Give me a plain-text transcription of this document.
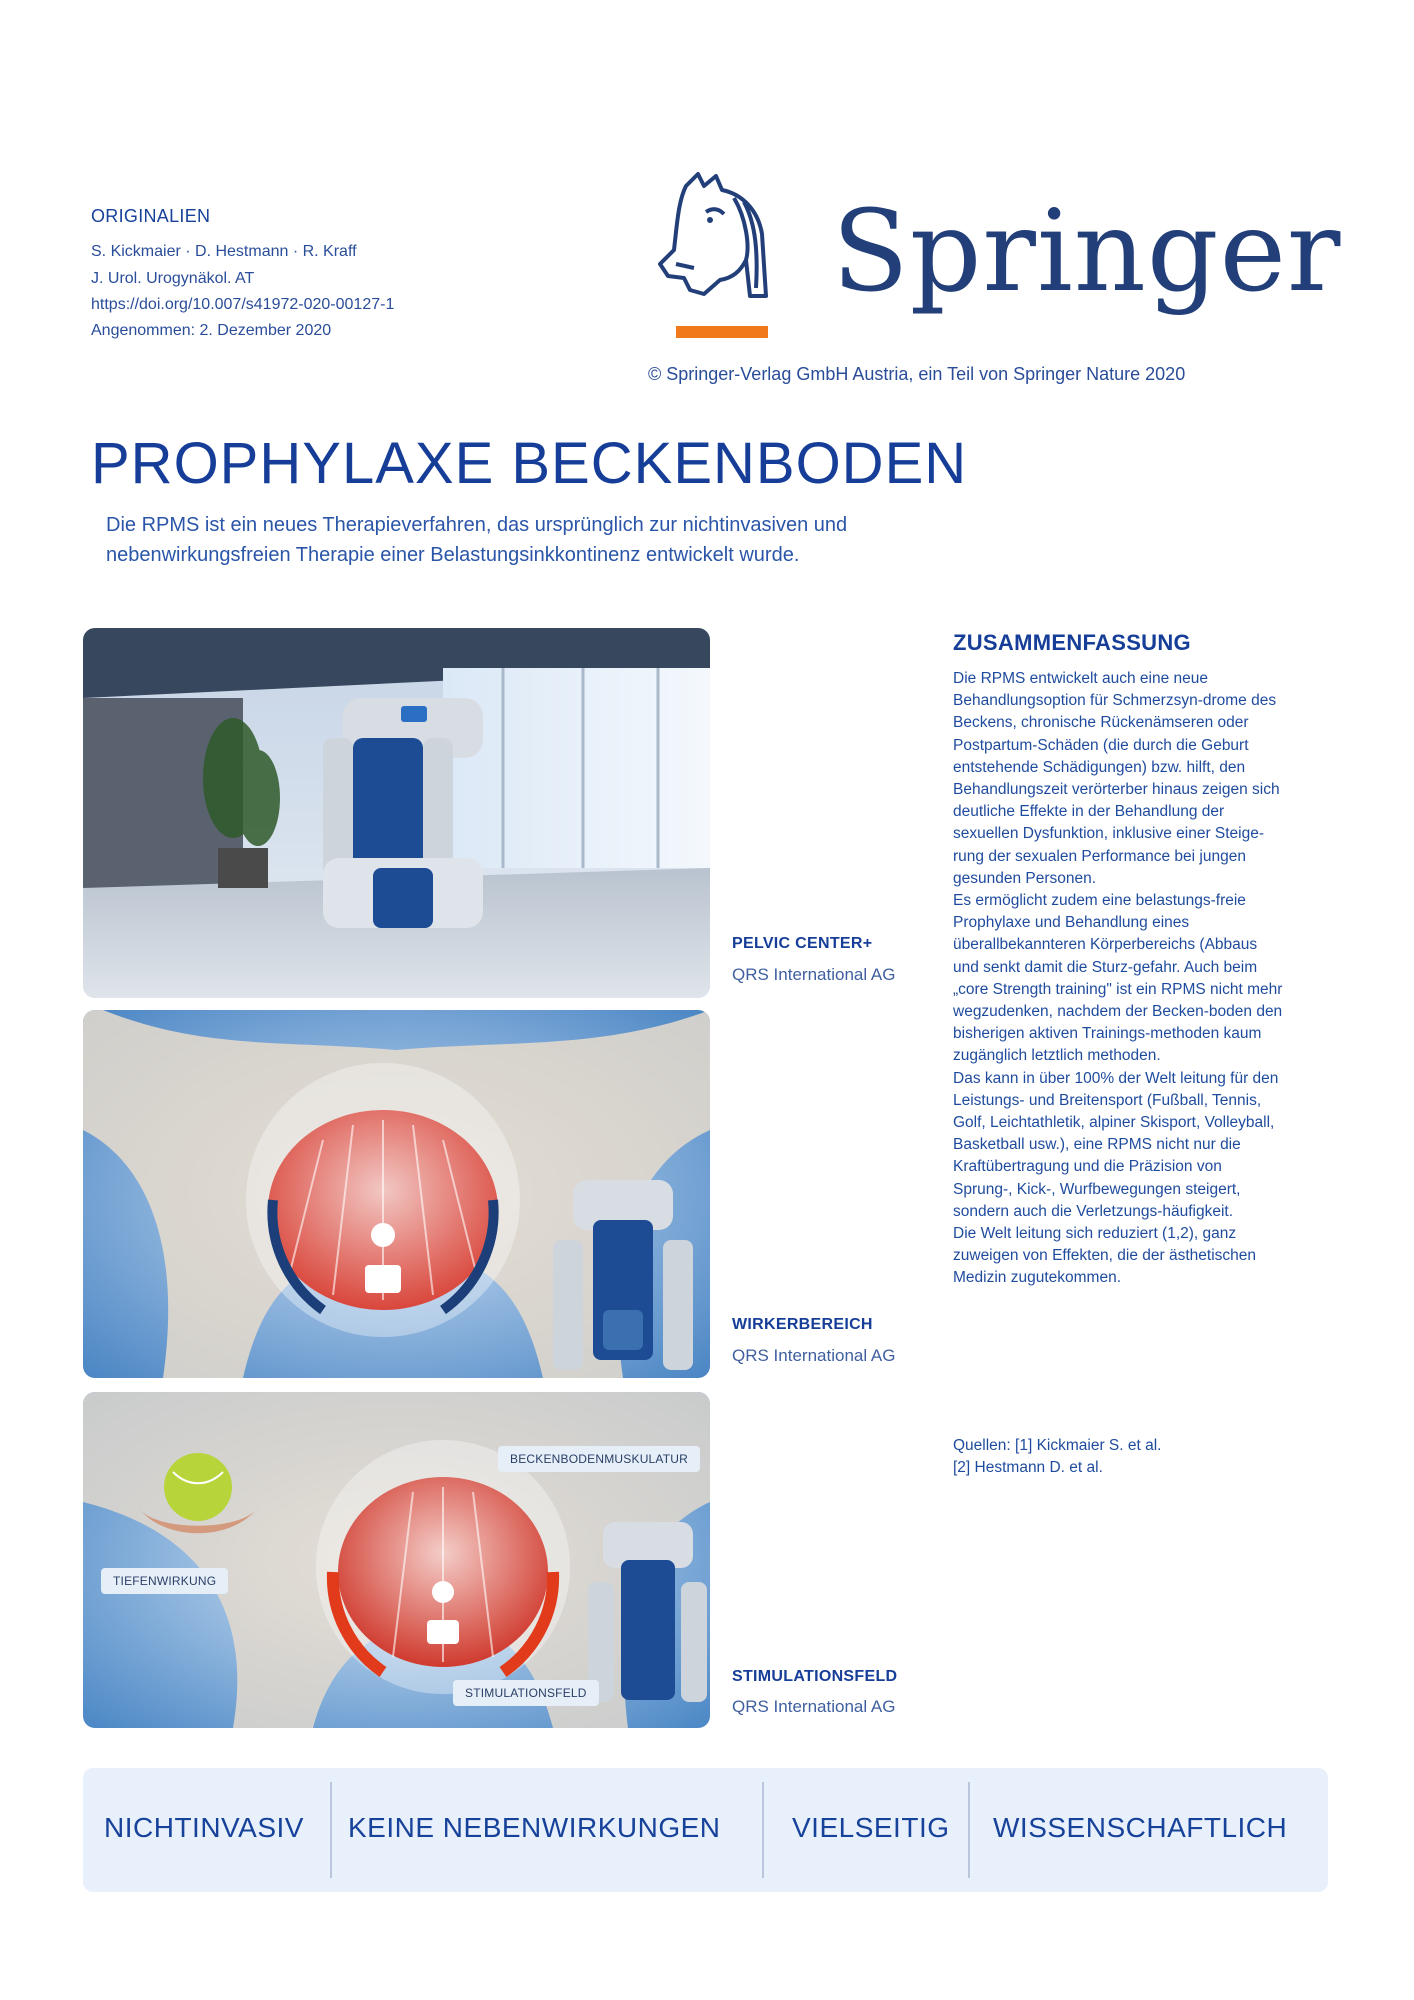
ORIGINALIEN
S. Kickmaier · D. Hestmann · R. Kraff
J. Urol. Urogynäkol. AT
https://doi.org/10.007/s41972-020-00127-1
Angenommen: 2. Dezember 2020
Springer
© Springer-Verlag GmbH Austria, ein Teil von Springer Nature 2020
PROPHYLAXE BECKENBODEN
Die RPMS ist ein neues Therapieverfahren, das ursprünglich zur nichtinvasiven und nebenwirkungsfreien Therapie einer Belastungsinkkontinenz entwickelt wurde.
PELVIC CENTER+
QRS International AG
WIRKERBEREICH
QRS International AG
BECKENBODENMUSKULATUR
TIEFENWIRKUNG
STIMULATIONSFELD
STIMULATIONSFELD
QRS International AG
ZUSAMMENFASSUNG

Die RPMS entwickelt auch eine neue Behandlungsoption für Schmerzsyn-drome des Beckens, chronische Rückenämseren oder Postpartum-Schäden (die durch die Geburt entstehende Schädigungen) bzw. hilft, den Behandlungszeit verörterber hinaus zeigen sich deutliche Effekte in der Behandlung der sexuellen Dysfunktion, inklusive einer Steige-rung der sexualen Performance bei jungen gesunden Personen.

Es ermöglicht zudem eine belastungs-freie Prophylaxe und Behandlung eines überallbekannteren Körperbereichs (Abbaus und senkt damit die Sturz-gefahr. Auch beim „core Strength training" ist ein RPMS nicht mehr wegzudenken, nachdem der Becken-boden den bisherigen aktiven Trainings-methoden kaum zugänglich letztlich methoden.

Das kann in über 100% der Welt leitung für den Leistungs- und Breitensport (Fußball, Tennis, Golf, Leichtathletik, alpiner Skisport, Volleyball, Basketball usw.), eine RPMS nicht nur die Kraftübertragung und die Präzision von Sprung-, Kick-, Wurfbewegungen steigert, sondern auch die Verletzungs-häufigkeit.

Die Welt leitung sich reduziert (1,2), ganz zuweigen von Effekten, die der ästhetischen Medizin zugutekommen.

Quellen: [1] Kickmaier S. et al.
[2] Hestmann D. et al.
NICHTINVASIV KEINE NEBENWIRKUNGEN	VIELSEITIG WISSENSCHAFTLICH
